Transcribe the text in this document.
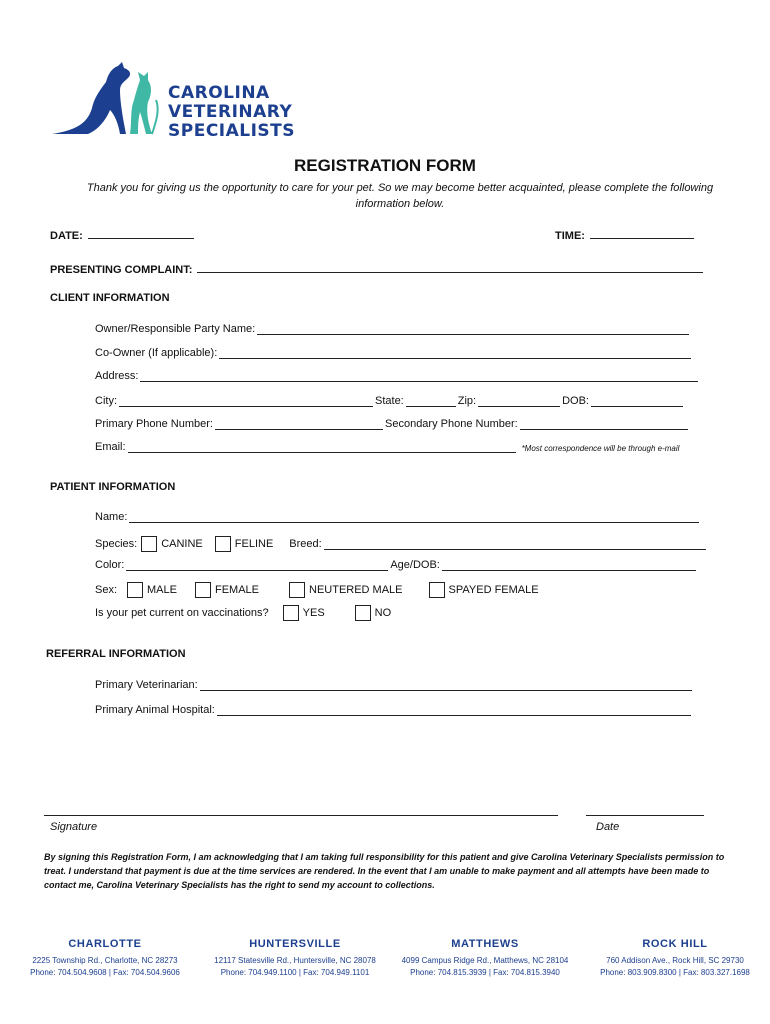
CAROLINA
VETERINARY
SPECIALISTS
REGISTRATION FORM
Thank you for giving us the opportunity to care for your pet. So we may become better acquainted, please complete the following information below.
DATE:	TIME:
PRESENTING COMPLAINT:
CLIENT INFORMATION
Owner/Responsible Party Name:
Co-Owner (If applicable):
Address:
City:	State:	Zip:	DOB:
Primary Phone Number:	Secondary Phone Number:
Email:	*Most correspondence will be through e-mail
PATIENT INFORMATION
Name:
Species: CANINE	FELINE Breed:
Color:	Age/DOB:
Sex:	MALE	FEMALE	NEUTERED MALE	SPAYED FEMALE
Is your pet current on vaccinations?	YES	NO
REFERRAL INFORMATION
Primary Veterinarian:
Primary Animal Hospital:
Signature	Date
By signing this Registration Form, I am acknowledging that I am taking full responsibility for this patient and give Carolina Veterinary Specialists permission to treat. I understand that payment is due at the time services are rendered. In the event that I am unable to make payment and all attempts have been made to contact me, Carolina Veterinary Specialists has the right to send my account to collections.
CHARLOTTE
2225 Township Rd., Charlotte, NC 28273
Phone: 704.504.9608 | Fax: 704.504.9606
HUNTERSVILLE
12117 Statesville Rd., Huntersville, NC 28078
Phone: 704.949.1100 | Fax: 704.949.1101
MATTHEWS
4099 Campus Ridge Rd., Matthews, NC 28104
Phone: 704.815.3939 | Fax: 704.815.3940
ROCK HILL
760 Addison Ave., Rock Hill, SC 29730
Phone: 803.909.8300 | Fax: 803.327.1698
